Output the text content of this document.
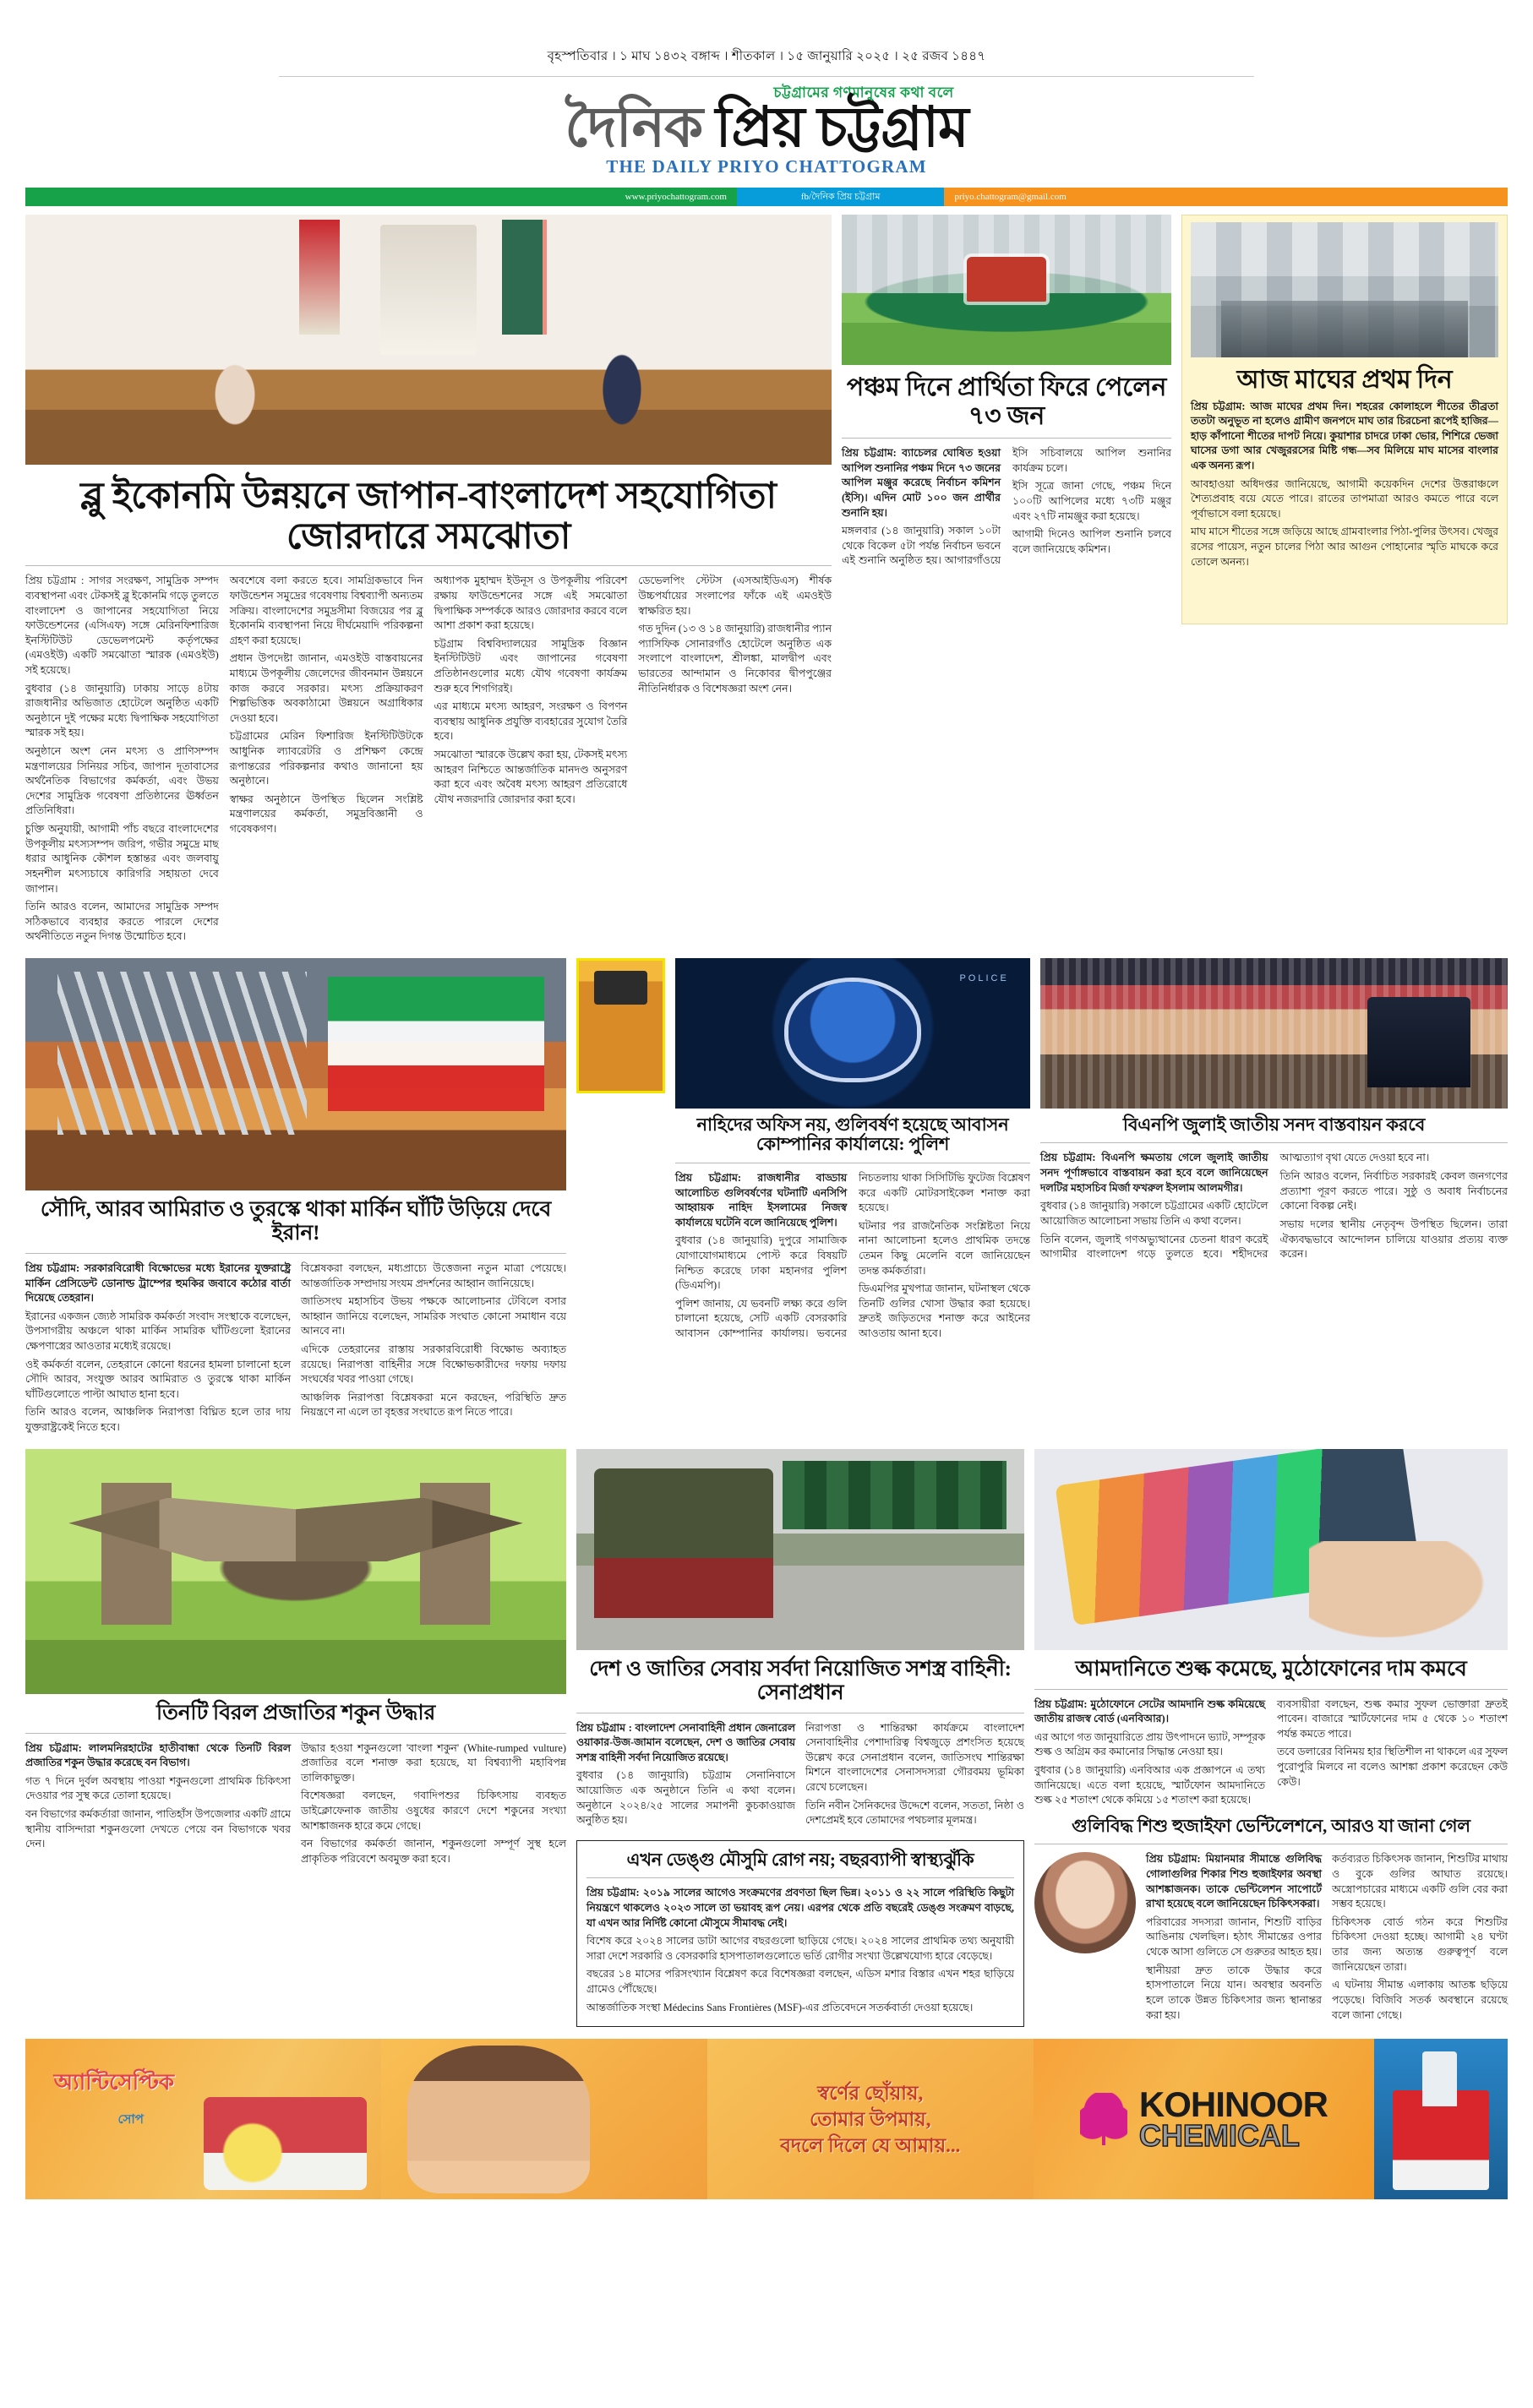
বৃহস্পতিবার । ১ মাঘ ১৪৩২ বঙ্গাব্দ । শীতকাল । ১৫ জানুয়ারি ২০২৫ । ২৫ রজব ১৪৪৭
চট্টগ্রামের গণমানুষের কথা বলে
দৈনিক প্রিয় চট্টগ্রাম
THE DAILY PRIYO CHATTOGRAM
www.priyochattogram.com	fb/দৈনিক প্রিয় চট্টগ্রাম	priyo.chattogram@gmail.com
ব্লু ইকোনমি উন্নয়নে জাপান-বাংলাদেশ সহযোগিতা জোরদারে সমঝোতা

প্রিয় চট্টগ্রাম : সাগর সংরক্ষণ, সামুদ্রিক সম্পদ ব্যবস্থাপনা এবং টেকসই ব্লু ইকোনমি গড়ে তুলতে বাংলাদেশ ও জাপানের সহযোগিতা নিয়ে ফাউন্ডেশনের (এসিএফ) সঙ্গে মেরিনফিশারিজ ইনস্টিটিউট ডেভেলপমেন্ট কর্তৃপক্ষের (এমওইউ) একটি সমঝোতা স্মারক (এমওইউ) সই হয়েছে।

বুধবার (১৪ জানুয়ারি) ঢাকায় সাড়ে ৪টায় রাজধানীর অভিজাত হোটেলে অনুষ্ঠিত একটি অনুষ্ঠানে দুই পক্ষের মধ্যে দ্বিপাক্ষিক সহযোগিতা স্মারক সই হয়।

অনুষ্ঠানে অংশ নেন মৎস্য ও প্রাণিসম্পদ মন্ত্রণালয়ের সিনিয়র সচিব, জাপান দূতাবাসের অর্থনৈতিক বিভাগের কর্মকর্তা, এবং উভয় দেশের সামুদ্রিক গবেষণা প্রতিষ্ঠানের ঊর্ধ্বতন প্রতিনিধিরা।

চুক্তি অনুযায়ী, আগামী পাঁচ বছরে বাংলাদেশের উপকূলীয় মৎস্যসম্পদ জরিপ, গভীর সমুদ্রে মাছ ধরার আধুনিক কৌশল হস্তান্তর এবং জলবায়ু সহনশীল মৎস্যচাষে কারিগরি সহায়তা দেবে জাপান।

তিনি আরও বলেন, আমাদের সামুদ্রিক সম্পদ সঠিকভাবে ব্যবহার করতে পারলে দেশের অর্থনীতিতে নতুন দিগন্ত উন্মোচিত হবে।

অবশেষে বলা করতে হবে। সামগ্রিকভাবে দিন ফাউন্ডেশন সমুদ্রের গবেষণায় বিশ্বব্যাপী অন্যতম সক্রিয়। বাংলাদেশের সমুদ্রসীমা বিজয়ের পর ব্লু ইকোনমি ব্যবস্থাপনা নিয়ে দীর্ঘমেয়াদি পরিকল্পনা গ্রহণ করা হয়েছে।

প্রধান উপদেষ্টা জানান, এমওইউ বাস্তবায়নের মাধ্যমে উপকূলীয় জেলেদের জীবনমান উন্নয়নে কাজ করবে সরকার। মৎস্য প্রক্রিয়াকরণ শিল্পভিত্তিক অবকাঠামো উন্নয়নে অগ্রাধিকার দেওয়া হবে।

চট্টগ্রামের মেরিন ফিশারিজ ইনস্টিটিউটকে আধুনিক ল্যাবরেটরি ও প্রশিক্ষণ কেন্দ্রে রূপান্তরের পরিকল্পনার কথাও জানানো হয় অনুষ্ঠানে।

স্বাক্ষর অনুষ্ঠানে উপস্থিত ছিলেন সংশ্লিষ্ট মন্ত্রণালয়ের কর্মকর্তা, সমুদ্রবিজ্ঞানী ও গবেষকগণ।

অধ্যাপক মুহাম্মদ ইউনূস ও উপকূলীয় পরিবেশ রক্ষায় ফাউন্ডেশনের সঙ্গে এই সমঝোতা দ্বিপাক্ষিক সম্পর্ককে আরও জোরদার করবে বলে আশা প্রকাশ করা হয়েছে।

চট্টগ্রাম বিশ্ববিদ্যালয়ের সামুদ্রিক বিজ্ঞান ইনস্টিটিউট এবং জাপানের গবেষণা প্রতিষ্ঠানগুলোর মধ্যে যৌথ গবেষণা কার্যক্রম শুরু হবে শিগগিরই।

এর মাধ্যমে মৎস্য আহরণ, সংরক্ষণ ও বিপণন ব্যবস্থায় আধুনিক প্রযুক্তি ব্যবহারের সুযোগ তৈরি হবে।

সমঝোতা স্মারকে উল্লেখ করা হয়, টেকসই মৎস্য আহরণ নিশ্চিতে আন্তর্জাতিক মানদণ্ড অনুসরণ করা হবে এবং অবৈধ মৎস্য আহরণ প্রতিরোধে যৌথ নজরদারি জোরদার করা হবে।

ডেভেলপিং স্টেটস (এসআইডিএস) শীর্ষক উচ্চপর্যায়ের সংলাপের ফাঁকে এই এমওইউ স্বাক্ষরিত হয়।

গত দুদিন (১৩ ও ১৪ জানুয়ারি) রাজধানীর প্যান প্যাসিফিক সোনারগাঁও হোটেলে অনুষ্ঠিত এক সংলাপে বাংলাদেশ, শ্রীলঙ্কা, মালদ্বীপ এবং ভারতের আন্দামান ও নিকোবর দ্বীপপুঞ্জের নীতিনির্ধারক ও বিশেষজ্ঞরা অংশ নেন।

পঞ্চম দিনে প্রার্থিতা ফিরে পেলেন ৭৩ জন

প্রিয় চট্টগ্রাম: ব্যাচেলর ঘোষিত হওয়া আপিল শুনানির পঞ্চম দিনে ৭৩ জনের আপিল মঞ্জুর করেছে নির্বাচন কমিশন (ইসি)। এদিন মোট ১০০ জন প্রার্থীর শুনানি হয়।

মঙ্গলবার (১৪ জানুয়ারি) সকাল ১০টা থেকে বিকেল ৫টা পর্যন্ত নির্বাচন ভবনে এই শুনানি অনুষ্ঠিত হয়। আগারগাঁওয়ে ইসি সচিবালয়ে আপিল শুনানির কার্যক্রম চলে।

ইসি সূত্রে জানা গেছে, পঞ্চম দিনে ১০০টি আপিলের মধ্যে ৭৩টি মঞ্জুর এবং ২৭টি নামঞ্জুর করা হয়েছে।

আগামী দিনেও আপিল শুনানি চলবে বলে জানিয়েছে কমিশন।

আজ মাঘের প্রথম দিন

প্রিয় চট্টগ্রাম: আজ মাঘের প্রথম দিন। শহরের কোলাহলে শীতের তীব্রতা ততটা অনুভূত না হলেও গ্রামীণ জনপদে মাঘ তার চিরচেনা রূপেই হাজির—হাড় কাঁপানো শীতের দাপট নিয়ে। কুয়াশার চাদরে ঢাকা ভোর, শিশিরে ভেজা ঘাসের ডগা আর খেজুররসের মিষ্টি গন্ধ—সব মিলিয়ে মাঘ মাসের বাংলার এক অনন্য রূপ।

আবহাওয়া অধিদপ্তর জানিয়েছে, আগামী কয়েকদিন দেশের উত্তরাঞ্চলে শৈত্যপ্রবাহ বয়ে যেতে পারে। রাতের তাপমাত্রা আরও কমতে পারে বলে পূর্বাভাসে বলা হয়েছে।

মাঘ মাসে শীতের সঙ্গে জড়িয়ে আছে গ্রামবাংলার পিঠা-পুলির উৎসব। খেজুর রসের পায়েস, নতুন চালের পিঠা আর আগুন পোহানোর স্মৃতি মাঘকে করে তোলে অনন্য।

সৌদি, আরব আমিরাত ও তুরস্কে থাকা মার্কিন ঘাঁটি উড়িয়ে দেবে ইরান!

প্রিয় চট্টগ্রাম: সরকারবিরোধী বিক্ষোভের মধ্যে ইরানের যুক্তরাষ্ট্রে মার্কিন প্রেসিডেন্ট ডোনাল্ড ট্রাম্পের হুমকির জবাবে কঠোর বার্তা দিয়েছে তেহরান।

ইরানের একজন জ্যেষ্ঠ সামরিক কর্মকর্তা সংবাদ সংস্থাকে বলেছেন, উপসাগরীয় অঞ্চলে থাকা মার্কিন সামরিক ঘাঁটিগুলো ইরানের ক্ষেপণাস্ত্রের আওতার মধ্যেই রয়েছে।

ওই কর্মকর্তা বলেন, তেহরানে কোনো ধরনের হামলা চালানো হলে সৌদি আরব, সংযুক্ত আরব আমিরাত ও তুরস্কে থাকা মার্কিন ঘাঁটিগুলোতে পাল্টা আঘাত হানা হবে।

তিনি আরও বলেন, আঞ্চলিক নিরাপত্তা বিঘ্নিত হলে তার দায় যুক্তরাষ্ট্রকেই নিতে হবে।

বিশ্লেষকরা বলছেন, মধ্যপ্রাচ্যে উত্তেজনা নতুন মাত্রা পেয়েছে। আন্তর্জাতিক সম্প্রদায় সংযম প্রদর্শনের আহ্বান জানিয়েছে।

জাতিসংঘ মহাসচিব উভয় পক্ষকে আলোচনার টেবিলে বসার আহ্বান জানিয়ে বলেছেন, সামরিক সংঘাত কোনো সমাধান বয়ে আনবে না।

এদিকে তেহরানের রাস্তায় সরকারবিরোধী বিক্ষোভ অব্যাহত রয়েছে। নিরাপত্তা বাহিনীর সঙ্গে বিক্ষোভকারীদের দফায় দফায় সংঘর্ষের খবর পাওয়া গেছে।

আঞ্চলিক নিরাপত্তা বিশ্লেষকরা মনে করছেন, পরিস্থিতি দ্রুত নিয়ন্ত্রণে না এলে তা বৃহত্তর সংঘাতে রূপ নিতে পারে।

POLICE
নাহিদের অফিস নয়, গুলিবর্ষণ হয়েছে আবাসন কোম্পানির কার্যালয়ে: পুলিশ

প্রিয় চট্টগ্রাম: রাজধানীর বাড্ডায় আলোচিত গুলিবর্ষণের ঘটনাটি এনসিপি আহ্বায়ক নাহিদ ইসলামের নিজস্ব কার্যালয়ে ঘটেনি বলে জানিয়েছে পুলিশ।

বুধবার (১৪ জানুয়ারি) দুপুরে সামাজিক যোগাযোগমাধ্যমে পোস্ট করে বিষয়টি নিশ্চিত করেছে ঢাকা মহানগর পুলিশ (ডিএমপি)।

পুলিশ জানায়, যে ভবনটি লক্ষ্য করে গুলি চালানো হয়েছে, সেটি একটি বেসরকারি আবাসন কোম্পানির কার্যালয়। ভবনের নিচতলায় থাকা সিসিটিভি ফুটেজ বিশ্লেষণ করে একটি মোটরসাইকেল শনাক্ত করা হয়েছে।

ঘটনার পর রাজনৈতিক সংশ্লিষ্টতা নিয়ে নানা আলোচনা হলেও প্রাথমিক তদন্তে তেমন কিছু মেলেনি বলে জানিয়েছেন তদন্ত কর্মকর্তারা।

ডিএমপির মুখপাত্র জানান, ঘটনাস্থল থেকে তিনটি গুলির খোসা উদ্ধার করা হয়েছে। দ্রুতই জড়িতদের শনাক্ত করে আইনের আওতায় আনা হবে।

বিএনপি জুলাই জাতীয় সনদ বাস্তবায়ন করবে

প্রিয় চট্টগ্রাম: বিএনপি ক্ষমতায় গেলে জুলাই জাতীয় সনদ পূর্ণাঙ্গভাবে বাস্তবায়ন করা হবে বলে জানিয়েছেন দলটির মহাসচিব মির্জা ফখরুল ইসলাম আলমগীর।

বুধবার (১৪ জানুয়ারি) সকালে চট্টগ্রামের একটি হোটেলে আয়োজিত আলোচনা সভায় তিনি এ কথা বলেন।

তিনি বলেন, জুলাই গণঅভ্যুত্থানের চেতনা ধারণ করেই আগামীর বাংলাদেশ গড়ে তুলতে হবে। শহীদদের আত্মত্যাগ বৃথা যেতে দেওয়া হবে না।

তিনি আরও বলেন, নির্বাচিত সরকারই কেবল জনগণের প্রত্যাশা পূরণ করতে পারে। সুষ্ঠু ও অবাধ নির্বাচনের কোনো বিকল্প নেই।

সভায় দলের স্থানীয় নেতৃবৃন্দ উপস্থিত ছিলেন। তারা ঐক্যবদ্ধভাবে আন্দোলন চালিয়ে যাওয়ার প্রত্যয় ব্যক্ত করেন।

তিনটি বিরল প্রজাতির শকুন উদ্ধার

প্রিয় চট্টগ্রাম: লালমনিরহাটের হাতীবান্ধা থেকে তিনটি বিরল প্রজাতির শকুন উদ্ধার করেছে বন বিভাগ।

গত ৭ দিনে দুর্বল অবস্থায় পাওয়া শকুনগুলো প্রাথমিক চিকিৎসা দেওয়ার পর সুস্থ করে তোলা হয়েছে।

বন বিভাগের কর্মকর্তারা জানান, পাতিহাঁস উপজেলার একটি গ্রামে স্থানীয় বাসিন্দারা শকুনগুলো দেখতে পেয়ে বন বিভাগকে খবর দেন।

উদ্ধার হওয়া শকুনগুলো 'বাংলা শকুন' (White-rumped vulture) প্রজাতির বলে শনাক্ত করা হয়েছে, যা বিশ্বব্যাপী মহাবিপন্ন তালিকাভুক্ত।

বিশেষজ্ঞরা বলছেন, গবাদিপশুর চিকিৎসায় ব্যবহৃত ডাইক্লোফেনাক জাতীয় ওষুধের কারণে দেশে শকুনের সংখ্যা আশঙ্কাজনক হারে কমে গেছে।

বন বিভাগের কর্মকর্তা জানান, শকুনগুলো সম্পূর্ণ সুস্থ হলে প্রাকৃতিক পরিবেশে অবমুক্ত করা হবে।

দেশ ও জাতির সেবায় সর্বদা নিয়োজিত সশস্ত্র বাহিনী: সেনাপ্রধান

প্রিয় চট্টগ্রাম : বাংলাদেশ সেনাবাহিনী প্রধান জেনারেল ওয়াকার-উজ-জামান বলেছেন, দেশ ও জাতির সেবায় সশস্ত্র বাহিনী সর্বদা নিয়োজিত রয়েছে।

বুধবার (১৪ জানুয়ারি) চট্টগ্রাম সেনানিবাসে আয়োজিত এক অনুষ্ঠানে তিনি এ কথা বলেন। অনুষ্ঠানে ২০২৪/২৫ সালের সমাপনী কুচকাওয়াজ অনুষ্ঠিত হয়।

নিরাপত্তা ও শান্তিরক্ষা কার্যক্রমে বাংলাদেশ সেনাবাহিনীর পেশাদারিত্ব বিশ্বজুড়ে প্রশংসিত হয়েছে উল্লেখ করে সেনাপ্রধান বলেন, জাতিসংঘ শান্তিরক্ষা মিশনে বাংলাদেশের সেনাসদস্যরা গৌরবময় ভূমিকা রেখে চলেছেন।

তিনি নবীন সৈনিকদের উদ্দেশে বলেন, সততা, নিষ্ঠা ও দেশপ্রেমই হবে তোমাদের পথচলার মূলমন্ত্র।

এখন ডেঙ্গু মৌসুমি রোগ নয়; বছরব্যাপী স্বাস্থ্যঝুঁকি

প্রিয় চট্টগ্রাম: ২০১৯ সালের আগেও সংক্রমণের প্রবণতা ছিল ভিন্ন। ২০১১ ও ২২ সালে পরিস্থিতি কিছুটা নিয়ন্ত্রণে থাকলেও ২০২৩ সালে তা ভয়াবহ রূপ নেয়। এরপর থেকে প্রতি বছরেই ডেঙ্গু সংক্রমণ বাড়ছে, যা এখন আর নির্দিষ্ট কোনো মৌসুমে সীমাবদ্ধ নেই।

বিশেষ করে ২০২৪ সালের ডাটা আগের বছরগুলো ছাড়িয়ে গেছে। ২০২৪ সালের প্রাথমিক তথ্য অনুযায়ী সারা দেশে সরকারি ও বেসরকারি হাসপাতালগুলোতে ভর্তি রোগীর সংখ্যা উল্লেখযোগ্য হারে বেড়েছে।

বছরের ১৪ মাসের পরিসংখ্যান বিশ্লেষণ করে বিশেষজ্ঞরা বলছেন, এডিস মশার বিস্তার এখন শহর ছাড়িয়ে গ্রামেও পৌঁছেছে।

আন্তর্জাতিক সংস্থা Médecins Sans Frontières (MSF)-এর প্রতিবেদনে সতর্কবার্তা দেওয়া হয়েছে।

আমদানিতে শুল্ক কমেছে, মুঠোফোনের দাম কমবে

প্রিয় চট্টগ্রাম: মুঠোফোনে সেটের আমদানি শুল্ক কমিয়েছে জাতীয় রাজস্ব বোর্ড (এনবিআর)।

এর আগে গত জানুয়ারিতে প্রায় উৎপাদনে ভ্যাট, সম্পূরক শুল্ক ও অগ্রিম কর কমানোর সিদ্ধান্ত নেওয়া হয়।

বুধবার (১৪ জানুয়ারি) এনবিআর এক প্রজ্ঞাপনে এ তথ্য জানিয়েছে। এতে বলা হয়েছে, স্মার্টফোন আমদানিতে শুল্ক ২৫ শতাংশ থেকে কমিয়ে ১৫ শতাংশ করা হয়েছে।

ব্যবসায়ীরা বলছেন, শুল্ক কমার সুফল ভোক্তারা দ্রুতই পাবেন। বাজারে স্মার্টফোনের দাম ৫ থেকে ১০ শতাংশ পর্যন্ত কমতে পারে।

তবে ডলারের বিনিময় হার স্থিতিশীল না থাকলে এর সুফল পুরোপুরি মিলবে না বলেও আশঙ্কা প্রকাশ করেছেন কেউ কেউ।

গুলিবিদ্ধ শিশু হুজাইফা ভেন্টিলেশনে, আরও যা জানা গেল

প্রিয় চট্টগ্রাম: মিয়ানমার সীমান্তে গুলিবিদ্ধ গোলাগুলির শিকার শিশু হুজাইফার অবস্থা আশঙ্কাজনক। তাকে ভেন্টিলেশন সাপোর্টে রাখা হয়েছে বলে জানিয়েছেন চিকিৎসকরা।

পরিবারের সদস্যরা জানান, শিশুটি বাড়ির আঙিনায় খেলছিল। হঠাৎ সীমান্তের ওপার থেকে আসা গুলিতে সে গুরুতর আহত হয়।

স্থানীয়রা দ্রুত তাকে উদ্ধার করে হাসপাতালে নিয়ে যান। অবস্থার অবনতি হলে তাকে উন্নত চিকিৎসার জন্য স্থানান্তর করা হয়।

কর্তব্যরত চিকিৎসক জানান, শিশুটির মাথায় ও বুকে গুলির আঘাত রয়েছে। অস্ত্রোপচারের মাধ্যমে একটি গুলি বের করা সম্ভব হয়েছে।

চিকিৎসক বোর্ড গঠন করে শিশুটির চিকিৎসা দেওয়া হচ্ছে। আগামী ২৪ ঘণ্টা তার জন্য অত্যন্ত গুরুত্বপূর্ণ বলে জানিয়েছেন তারা।

এ ঘটনায় সীমান্ত এলাকায় আতঙ্ক ছড়িয়ে পড়েছে। বিজিবি সতর্ক অবস্থানে রয়েছে বলে জানা গেছে।

অ্যান্টিসেপ্টিক
সোপ
স্বর্ণের ছোঁয়ায়,
তোমার উপমায়,
বদলে দিলে যে আমায়...
KOHINOOR
CHEMICAL
